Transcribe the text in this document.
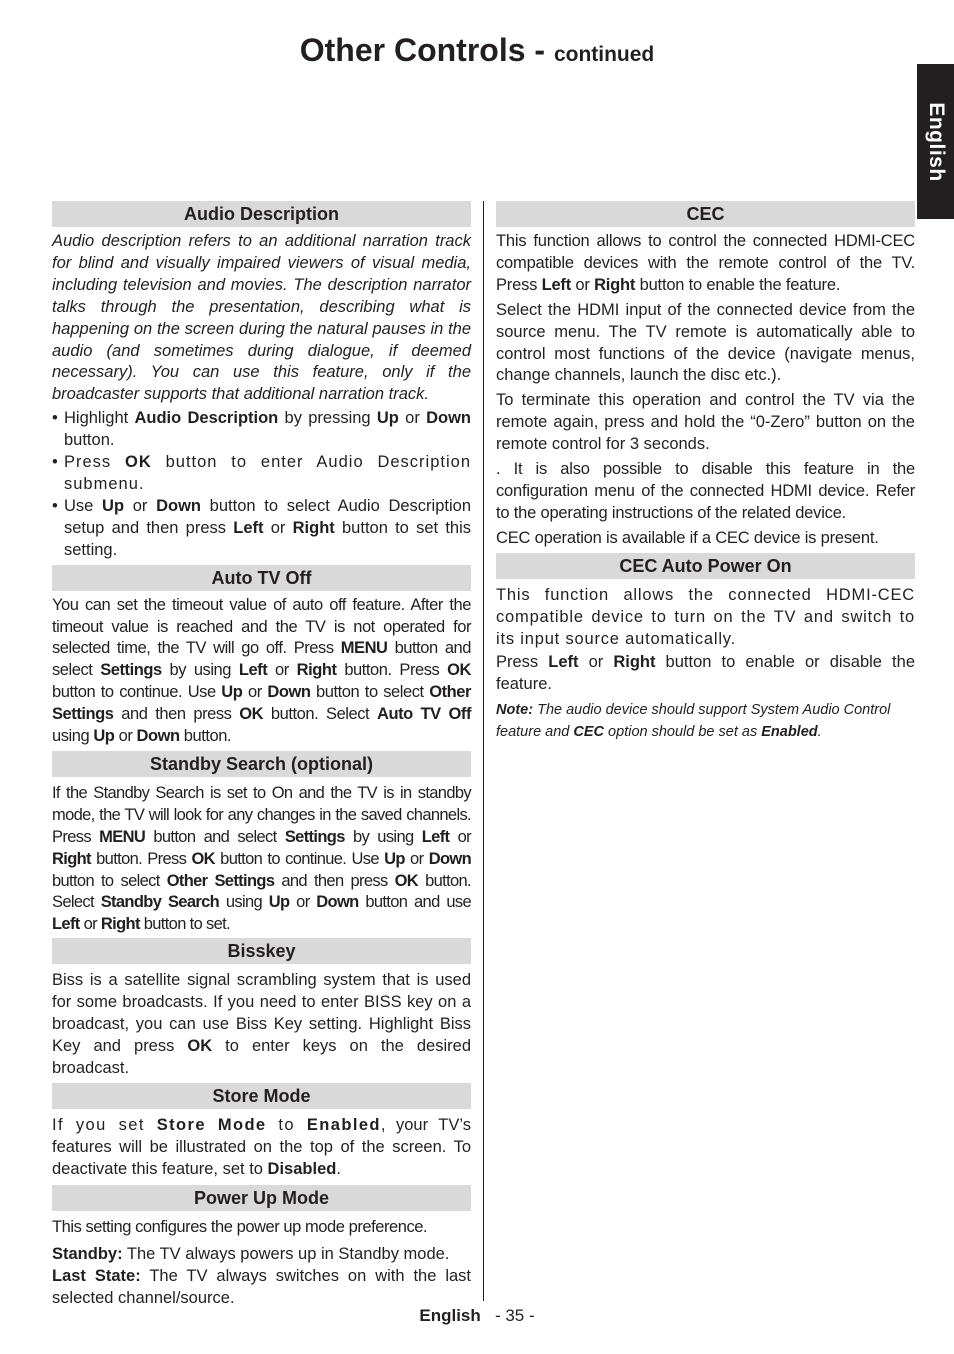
Other Controls - continued
English
Audio Description

Audio description refers to an additional narration track for blind and visually impaired viewers of visual media, including television and movies. The description narrator talks through the presentation, describing what is happening on the screen during the natural pauses in the audio (and sometimes during dialogue, if deemed necessary). You can use this feature, only if the broadcaster supports that additional narration track.

• Highlight Audio Description by pressing Up or Down button.
• Press OK button to enter Audio Description submenu.
• Use Up or Down button to select Audio Description setup and then press Left or Right button to set this setting.
Auto TV Off

You can set the timeout value of auto off feature. After the timeout value is reached and the TV is not operated for selected time, the TV will go off. Press MENU button and select Settings by using Left or Right button. Press OK button to continue. Use Up or Down button to select Other Settings and then press OK button. Select Auto TV Off using Up or Down button.

Standby Search (optional)

If the Standby Search is set to On and the TV is in standby mode, the TV will look for any changes in the saved channels. Press MENU button and select Settings by using Left or Right button. Press OK button to continue. Use Up or Down button to select Other Settings and then press OK button. Select Standby Search using Up or Down button and use Left or Right button to set.

Bisskey

Biss is a satellite signal scrambling system that is used for some broadcasts. If you need to enter BISS key on a broadcast, you can use Biss Key setting. Highlight Biss Key and press OK to enter keys on the desired broadcast.

Store Mode

If you set Store Mode to Enabled, your TV’s features will be illustrated on the top of the screen. To deactivate this feature, set to Disabled.

Power Up Mode

This setting configures the power up mode preference.

Standby: The TV always powers up in Standby mode.

Last State: The TV always switches on with the last selected channel/source.

CEC

This function allows to control the connected HDMI-CEC compatible devices with the remote control of the TV. Press Left or Right button to enable the feature.

Select the HDMI input of the connected device from the source menu. The TV remote is automatically able to control most functions of the device (navigate menus, change channels, launch the disc etc.).

To terminate this operation and control the TV via the remote again, press and hold the “0-Zero” button on the remote control for 3 seconds.

. It is also possible to disable this feature in the configuration menu of the connected HDMI device. Refer to the operating instructions of the related device.

CEC operation is available if a CEC device is present.

CEC Auto Power On

This function allows the connected HDMI-CEC compatible device to turn on the TV and switch to its input source automatically.

Press Left or Right button to enable or disable the feature.

Note: The audio device should support System Audio Control feature and CEC option should be set as Enabled.

English - 35 -
